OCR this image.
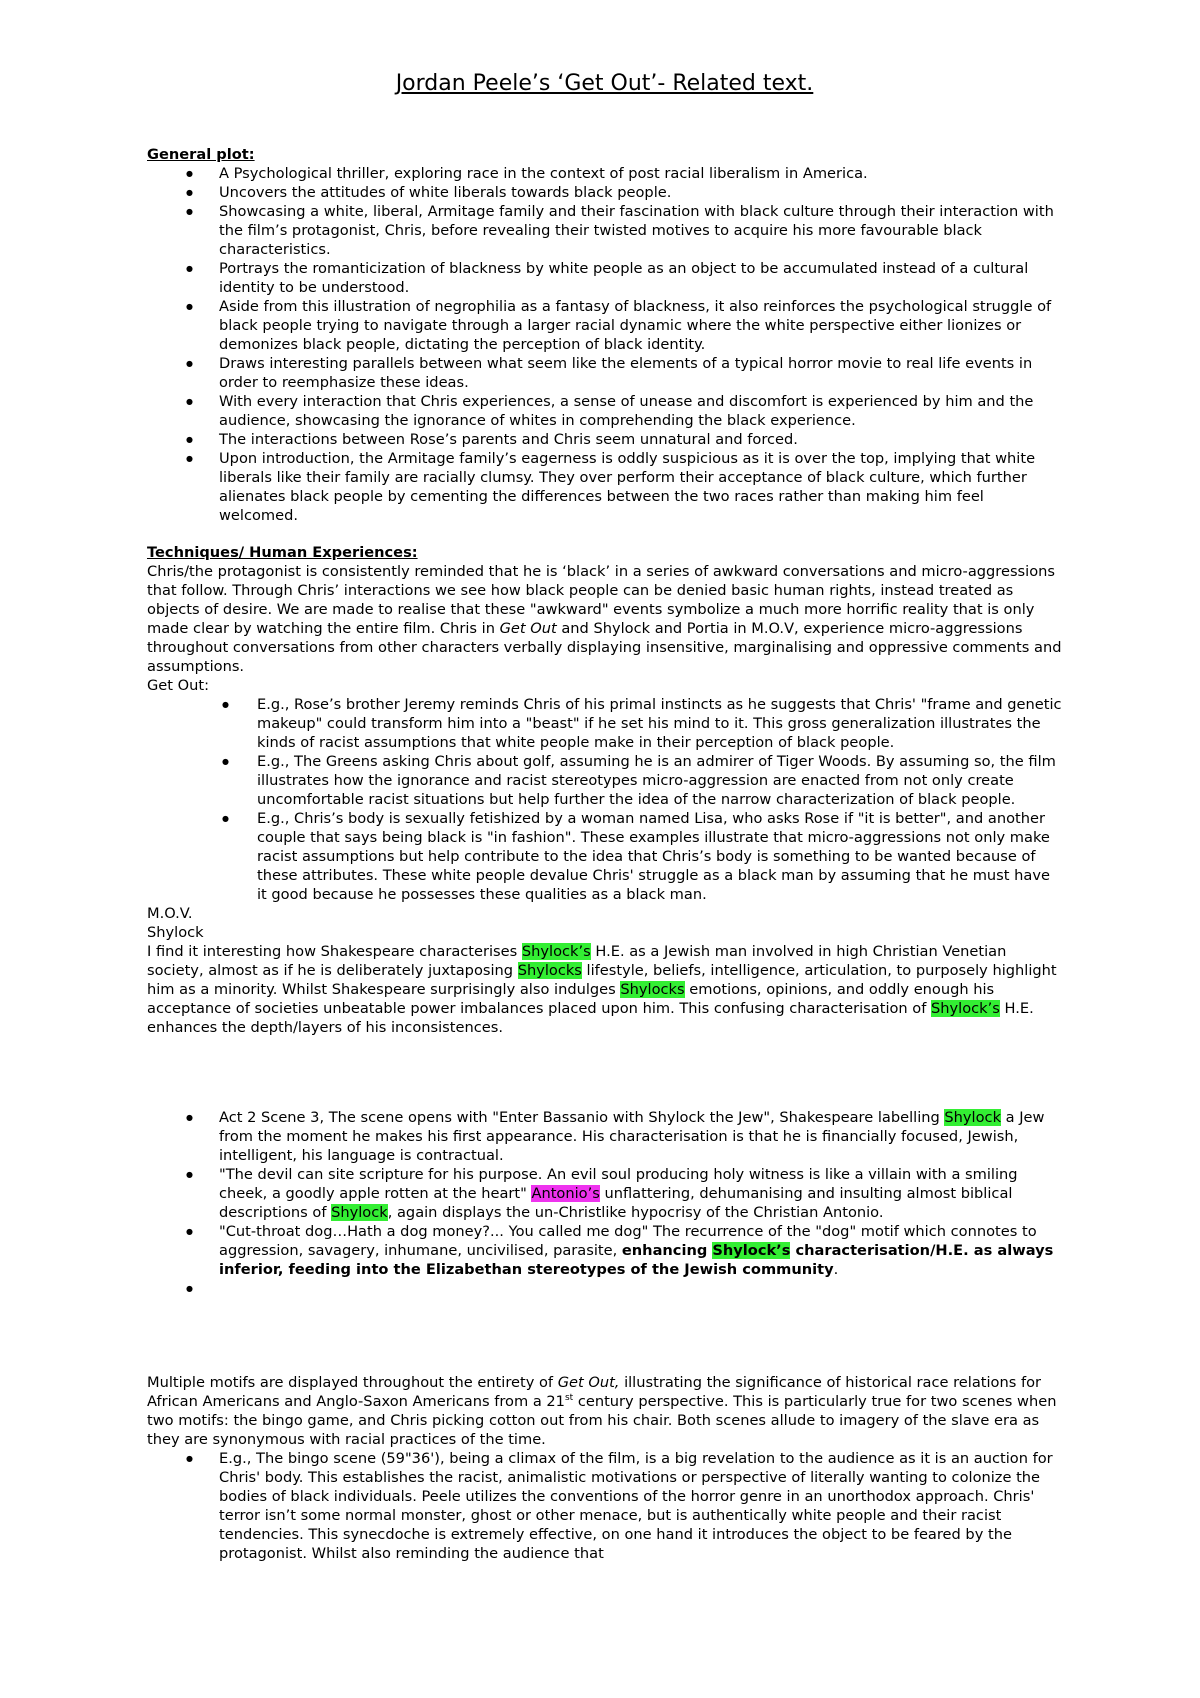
Jordan Peele’s ‘Get Out’- Related text.
General plot:
● A Psychological thriller, exploring race in the context of post racial liberalism in America.
● Uncovers the attitudes of white liberals towards black people.
● Showcasing a white, liberal, Armitage family and their fascination with black culture through their interaction with the film’s protagonist, Chris, before revealing their twisted motives to acquire his more favourable black characteristics.
● Portrays the romanticization of blackness by white people as an object to be accumulated instead of a cultural identity to be understood.
● Aside from this illustration of negrophilia as a fantasy of blackness, it also reinforces the psychological struggle of black people trying to navigate through a larger racial dynamic where the white perspective either lionizes or demonizes black people, dictating the perception of black identity.
● Draws interesting parallels between what seem like the elements of a typical horror movie to real life events in order to reemphasize these ideas.
● With every interaction that Chris experiences, a sense of unease and discomfort is experienced by him and the audience, showcasing the ignorance of whites in comprehending the black experience.
● The interactions between Rose’s parents and Chris seem unnatural and forced.
● Upon introduction, the Armitage family’s eagerness is oddly suspicious as it is over the top, implying that white liberals like their family are racially clumsy. They over perform their acceptance of black culture, which further alienates black people by cementing the differences between the two races rather than making him feel welcomed.
Techniques/ Human Experiences:

Chris/the protagonist is consistently reminded that he is ‘black’ in a series of awkward conversations and micro-aggressions that follow. Through Chris’ interactions we see how black people can be denied basic human rights, instead treated as objects of desire. We are made to realise that these "awkward" events symbolize a much more horrific reality that is only made clear by watching the entire film. Chris in Get Out and Shylock and Portia in M.O.V, experience micro-aggressions throughout conversations from other characters verbally displaying insensitive, marginalising and oppressive comments and assumptions.

Get Out:
● E.g., Rose’s brother Jeremy reminds Chris of his primal instincts as he suggests that Chris' "frame and genetic makeup" could transform him into a "beast" if he set his mind to it. This gross generalization illustrates the kinds of racist assumptions that white people make in their perception of black people.
● E.g., The Greens asking Chris about golf, assuming he is an admirer of Tiger Woods. By assuming so, the film illustrates how the ignorance and racist stereotypes micro-aggression are enacted from not only create uncomfortable racist situations but help further the idea of the narrow characterization of black people.
● E.g., Chris’s body is sexually fetishized by a woman named Lisa, who asks Rose if "it is better", and another couple that says being black is "in fashion". These examples illustrate that micro-aggressions not only make racist assumptions but help contribute to the idea that Chris’s body is something to be wanted because of these attributes. These white people devalue Chris' struggle as a black man by assuming that he must have it good because he possesses these qualities as a black man.
M.O.V.
Shylock

I find it interesting how Shakespeare characterises Shylock’s H.E. as a Jewish man involved in high Christian Venetian society, almost as if he is deliberately juxtaposing Shylocks lifestyle, beliefs, intelligence, articulation, to purposely highlight him as a minority. Whilst Shakespeare surprisingly also indulges Shylocks emotions, opinions, and oddly enough his acceptance of societies unbeatable power imbalances placed upon him. This confusing characterisation of Shylock’s H.E. enhances the depth/layers of his inconsistences.

● Act 2 Scene 3, The scene opens with "Enter Bassanio with Shylock the Jew", Shakespeare labelling Shylock a Jew from the moment he makes his first appearance. His characterisation is that he is financially focused, Jewish, intelligent, his language is contractual.
● "The devil can site scripture for his purpose. An evil soul producing holy witness is like a villain with a smiling cheek, a goodly apple rotten at the heart" Antonio’s unflattering, dehumanising and insulting almost biblical descriptions of Shylock, again displays the un-Christlike hypocrisy of the Christian Antonio.
● "Cut-throat dog…Hath a dog money?... You called me dog" The recurrence of the "dog" motif which connotes to aggression, savagery, inhumane, uncivilised, parasite, enhancing Shylock’s characterisation/H.E. as always inferior, feeding into the Elizabethan stereotypes of the Jewish community.
●

Multiple motifs are displayed throughout the entirety of Get Out, illustrating the significance of historical race relations for African Americans and Anglo-Saxon Americans from a 21st century perspective. This is particularly true for two scenes when two motifs: the bingo game, and Chris picking cotton out from his chair. Both scenes allude to imagery of the slave era as they are synonymous with racial practices of the time.

● E.g., The bingo scene (59"36'), being a climax of the film, is a big revelation to the audience as it is an auction for Chris' body. This establishes the racist, animalistic motivations or perspective of literally wanting to colonize the bodies of black individuals. Peele utilizes the conventions of the horror genre in an unorthodox approach. Chris' terror isn’t some normal monster, ghost or other menace, but is authentically white people and their racist tendencies. This synecdoche is extremely effective, on one hand it introduces the object to be feared by the protagonist. Whilst also reminding the audience that
